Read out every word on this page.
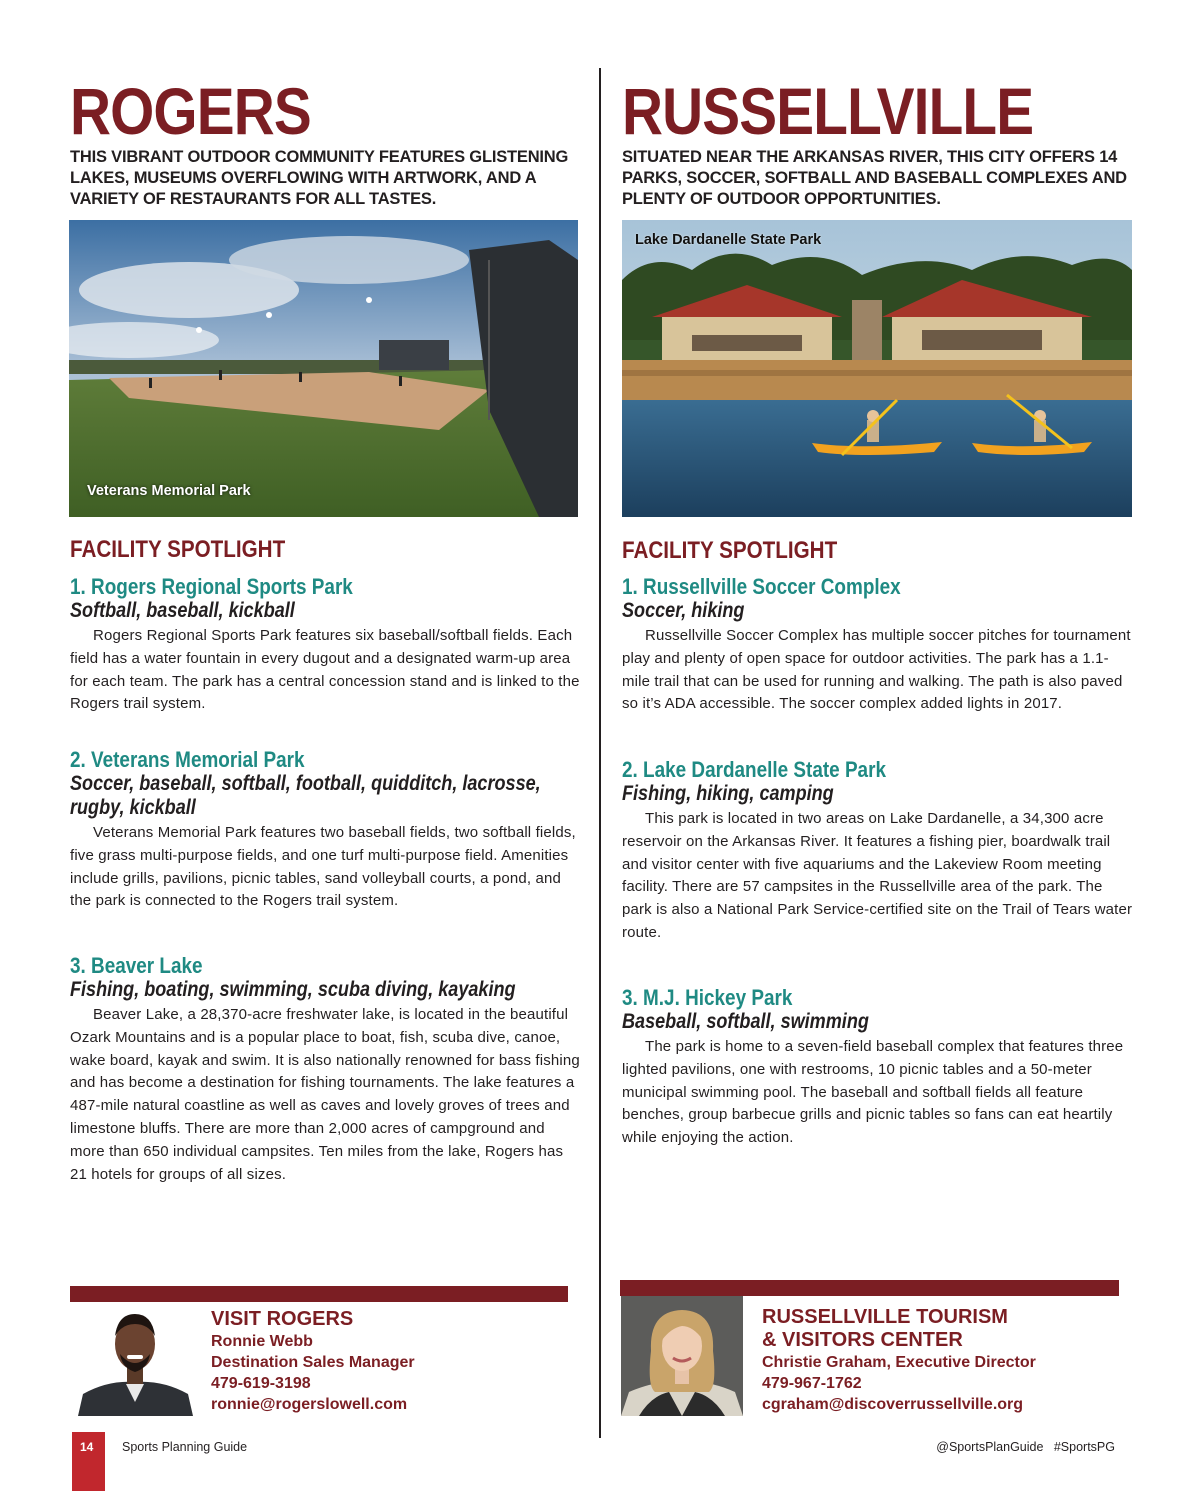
ROGERS

THIS VIBRANT OUTDOOR COMMUNITY FEATURES GLISTENING LAKES, MUSEUMS OVERFLOWING WITH ARTWORK, AND A VARIETY OF RESTAURANTS FOR ALL TASTES.

Veterans Memorial Park
FACILITY SPOTLIGHT

1. Rogers Regional Sports Park

Softball, baseball, kickball

Rogers Regional Sports Park features six baseball/softball fields. Each field has a water fountain in every dugout and a designated warm-up area for each team. The park has a central concession stand and is linked to the Rogers trail system.

2. Veterans Memorial Park

Soccer, baseball, softball, football, quidditch, lacrosse, rugby, kickball

Veterans Memorial Park features two baseball fields, two softball fields, five grass multi-purpose fields, and one turf multi-purpose field. Amenities include grills, pavilions, picnic tables, sand volleyball courts, a pond, and the park is connected to the Rogers trail system.

3. Beaver Lake

Fishing, boating, swimming, scuba diving, kayaking

Beaver Lake, a 28,370-acre freshwater lake, is located in the beautiful Ozark Mountains and is a popular place to boat, fish, scuba dive, canoe, wake board, kayak and swim. It is also nationally renowned for bass fishing and has become a destination for fishing tournaments. The lake features a 487-mile natural coastline as well as caves and lovely groves of trees and limestone bluffs. There are more than 2,000 acres of campground and more than 650 individual campsites. Ten miles from the lake, Rogers has 21 hotels for groups of all sizes.

VISIT ROGERS

Ronnie Webb

Destination Sales Manager

479-619-3198

ronnie@rogerslowell.com

RUSSELLVILLE

SITUATED NEAR THE ARKANSAS RIVER, THIS CITY OFFERS 14 PARKS, SOCCER, SOFTBALL AND BASEBALL COMPLEXES AND PLENTY OF OUTDOOR OPPORTUNITIES.

Lake Dardanelle State Park
FACILITY SPOTLIGHT

1. Russellville Soccer Complex

Soccer, hiking

Russellville Soccer Complex has multiple soccer pitches for tournament play and plenty of open space for outdoor activities. The park has a 1.1-mile trail that can be used for running and walking. The path is also paved so it’s ADA accessible. The soccer complex added lights in 2017.

2. Lake Dardanelle State Park

Fishing, hiking, camping

This park is located in two areas on Lake Dardanelle, a 34,300 acre reservoir on the Arkansas River. It features a fishing pier, boardwalk trail and visitor center with five aquariums and the Lakeview Room meeting facility. There are 57 campsites in the Russellville area of the park. The park is also a National Park Service-certified site on the Trail of Tears water route.

3. M.J. Hickey Park

Baseball, softball, swimming

The park is home to a seven-field baseball complex that features three lighted pavilions, one with restrooms, 10 picnic tables and a 50-meter municipal swimming pool. The baseball and softball fields all feature benches, group barbecue grills and picnic tables so fans can eat heartily while enjoying the action.

RUSSELLVILLE TOURISM

& VISITORS CENTER

Christie Graham, Executive Director

479-967-1762

cgraham@discoverrussellville.org

14 Sports Planning Guide	@SportsPlanGuide   #SportsPG
